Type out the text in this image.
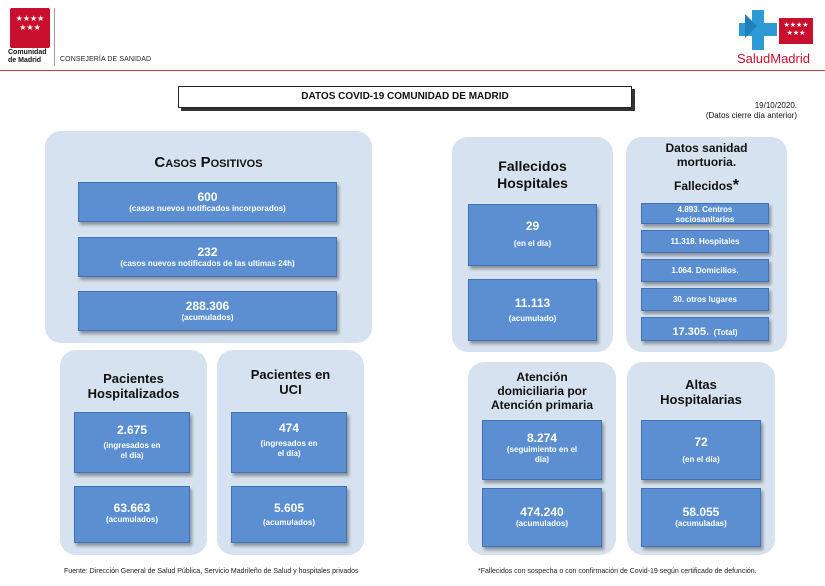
★★★★
★★★
Comunidad
de Madrid	CONSEJERÍA DE SANIDAD
★★★★
★★★
SaludMadrid
DATOS COVID-19 COMUNIDAD DE MADRID
19/10/2020.
(Datos cierre día anterior)
Casos Positivos
600
(casos nuevos notificados incorporados)
232
(casos nuevos notificados de las ultimas 24h)
288.306
(acumulados)
Pacientes
Hospitalizados
2.675
(ingresados en
el día)
63.663
(acumulados)
Pacientes en
UCI
474
(ingresados en
el día)
5.605
(acumulados)
Fallecidos
Hospitales
29
(en el día)
11.113
(acumulado)
Datos sanidad
mortuoria.
Fallecidos*
4.893. Centros
sociosanitarios
11.318. Hospitales
1.064. Domicilios.
30. otros lugares
17.305. (Total)
Atención
domiciliaria por
Atención primaria
8.274
(seguimiento en el
día)
474.240
(acumulados)
Altas
Hospitalarias
72
(en el día)
58.055
(acumuladas)
Fuente: Dirección General de Salud Pública, Servicio Madrileño de Salud y hospitales privados	*Fallecidos con sospecha o con confirmación de Covid-19 según certificado de defunción.
